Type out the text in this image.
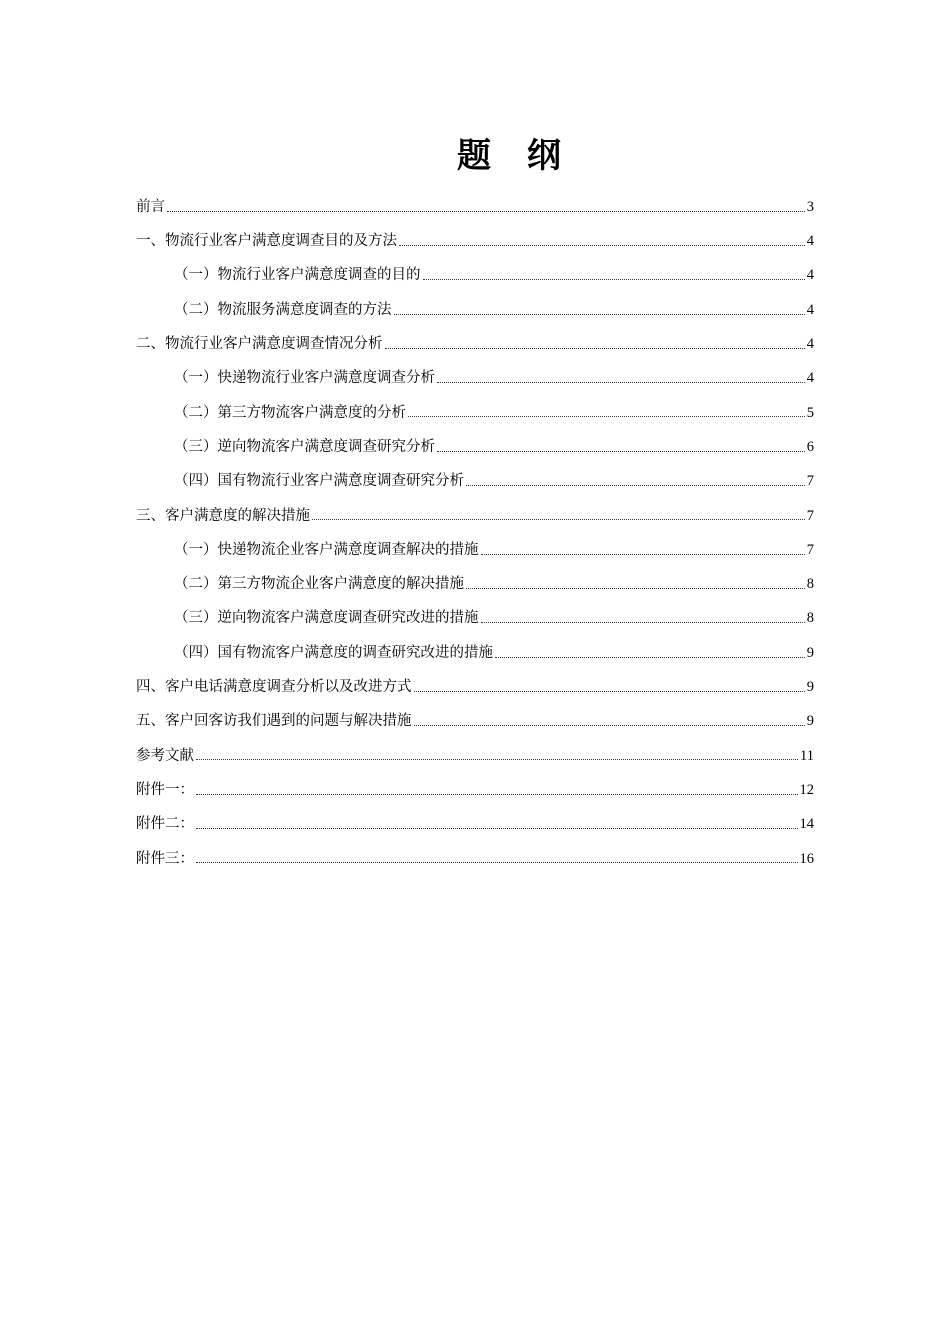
题 纲
前言	3
一、物流行业客户满意度调查目的及方法	4
（一）物流行业客户满意度调查的目的	4
（二）物流服务满意度调查的方法	4
二、物流行业客户满意度调查情况分析	4
（一）快递物流行业客户满意度调查分析	4
（二）第三方物流客户满意度的分析	5
（三）逆向物流客户满意度调查研究分析	6
（四）国有物流行业客户满意度调查研究分析	7
三、客户满意度的解决措施	7
（一）快递物流企业客户满意度调查解决的措施	7
（二）第三方物流企业客户满意度的解决措施	8
（三）逆向物流客户满意度调查研究改进的措施	8
（四）国有物流客户满意度的调查研究改进的措施	9
四、客户电话满意度调查分析以及改进方式	9
五、客户回客访我们遇到的问题与解决措施	9
参考文献	11
附件一：	12
附件二：	14
附件三：	16
